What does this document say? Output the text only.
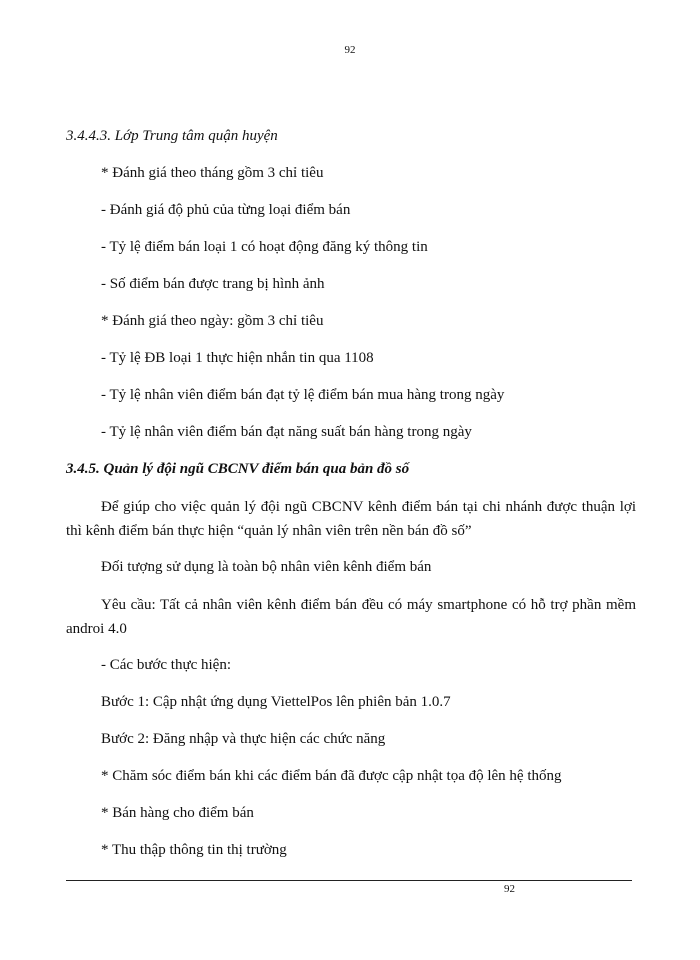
92
3.4.4.3. Lớp Trung tâm quận huyện
* Đánh giá theo tháng gồm 3 chỉ tiêu
- Đánh giá độ phủ của từng loại điểm bán
- Tỷ lệ điểm bán loại 1 có hoạt động đăng ký thông tin
- Số điểm bán được trang bị hình ảnh
* Đánh giá theo ngày: gồm 3 chỉ tiêu
- Tỷ lệ ĐB loại 1 thực hiện nhắn tin qua 1108
- Tỷ lệ nhân viên điểm bán đạt tỷ lệ điểm bán mua hàng trong ngày
- Tỷ lệ nhân viên điểm bán đạt năng suất bán hàng trong ngày
3.4.5. Quản lý đội ngũ CBCNV điểm bán qua bản đồ số
Để giúp cho việc quản lý đội ngũ CBCNV kênh điểm bán tại chi nhánh được thuận lợi thì kênh điểm bán thực hiện “quản lý nhân viên trên nền bán đồ số”
Đối tượng sử dụng là toàn bộ nhân viên kênh điểm bán
Yêu cầu: Tất cả nhân viên kênh điểm bán đều có máy smartphone có hỗ trợ phần mềm androi 4.0
- Các bước thực hiện:
Bước 1: Cập nhật ứng dụng ViettelPos lên phiên bản 1.0.7
Bước 2: Đăng nhập và thực hiện các chức năng
* Chăm sóc điểm bán khi các điểm bán đã được cập nhật tọa độ lên hệ thống
* Bán hàng cho điểm bán
* Thu thập thông tin thị trường
92
